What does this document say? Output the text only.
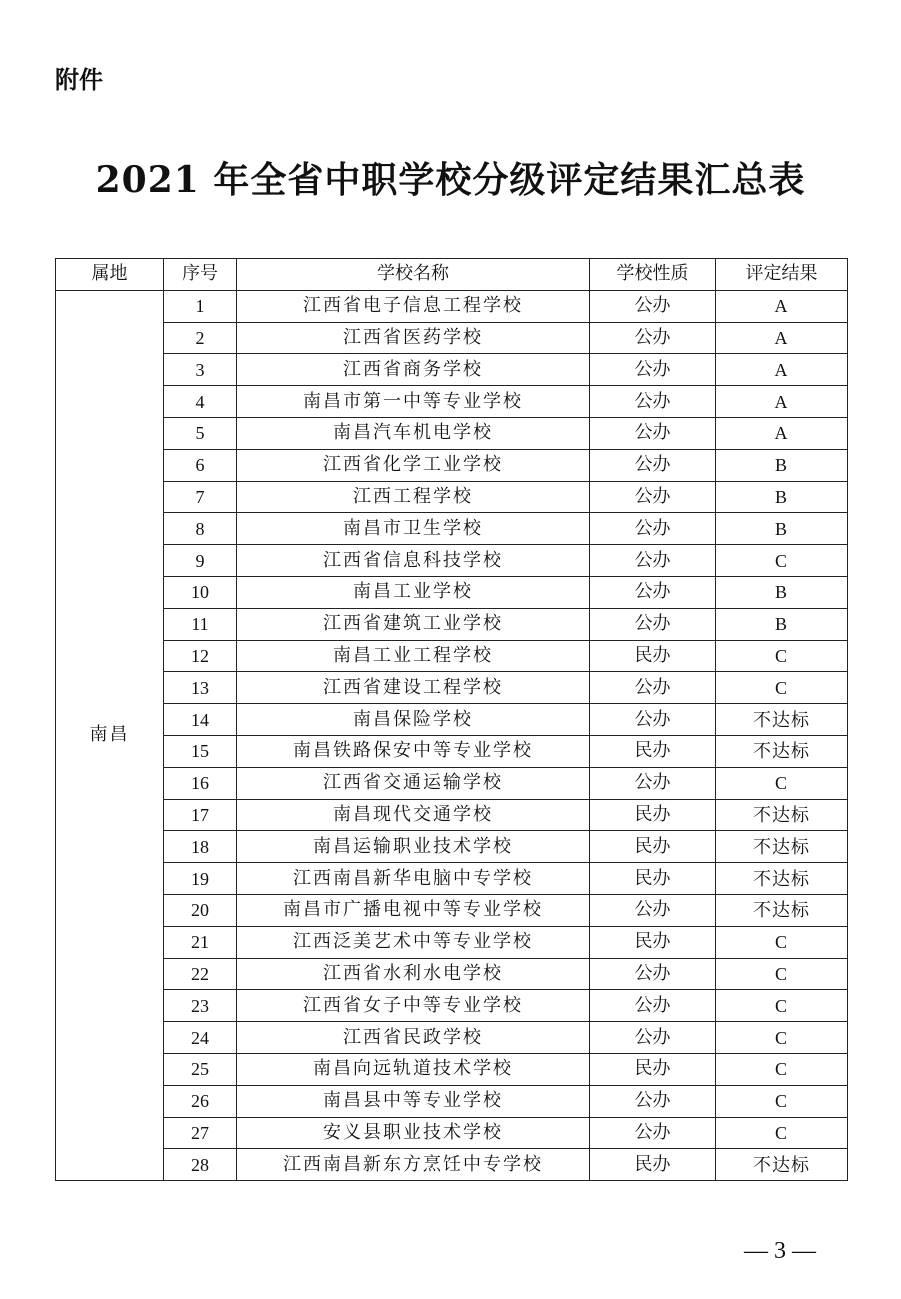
附件
2021 年全省中职学校分级评定结果汇总表
属地	序号	学校名称	学校性质	评定结果
南昌	1	江西省电子信息工程学校	公办	A
	2	江西省医药学校	公办	A
	3	江西省商务学校	公办	A
	4	南昌市第一中等专业学校	公办	A
	5	南昌汽车机电学校	公办	A
	6	江西省化学工业学校	公办	B
	7	江西工程学校	公办	B
	8	南昌市卫生学校	公办	B
	9	江西省信息科技学校	公办	C
	10	南昌工业学校	公办	B
	11	江西省建筑工业学校	公办	B
	12	南昌工业工程学校	民办	C
	13	江西省建设工程学校	公办	C
	14	南昌保险学校	公办	不达标
	15	南昌铁路保安中等专业学校	民办	不达标
	16	江西省交通运输学校	公办	C
	17	南昌现代交通学校	民办	不达标
	18	南昌运输职业技术学校	民办	不达标
	19	江西南昌新华电脑中专学校	民办	不达标
	20	南昌市广播电视中等专业学校	公办	不达标
	21	江西泛美艺术中等专业学校	民办	C
	22	江西省水利水电学校	公办	C
	23	江西省女子中等专业学校	公办	C
	24	江西省民政学校	公办	C
	25	南昌向远轨道技术学校	民办	C
	26	南昌县中等专业学校	公办	C
	27	安义县职业技术学校	公办	C
	28	江西南昌新东方烹饪中专学校	民办	不达标
— 3 —
